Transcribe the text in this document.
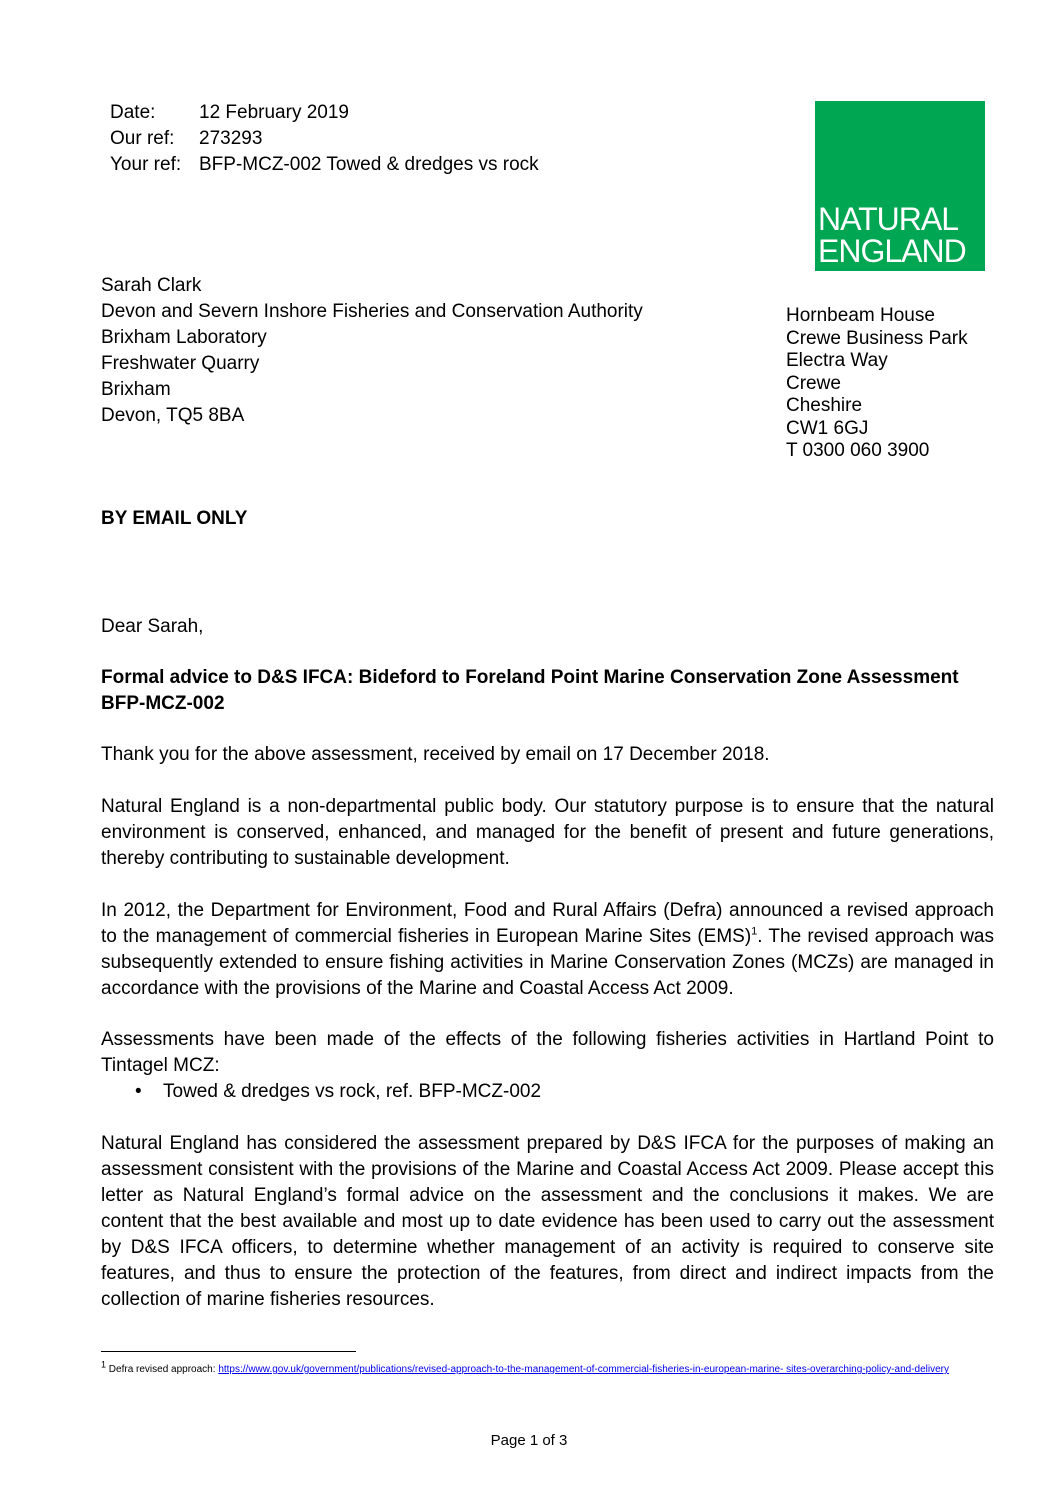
Date:	12 February 2019
Our ref:	273293
Your ref: BFP-MCZ-002 Towed & dredges vs rock
NATURAL
ENGLAND
Sarah Clark
Devon and Severn Inshore Fisheries and Conservation Authority
Brixham Laboratory
Freshwater Quarry
Brixham
Devon, TQ5 8BA
Hornbeam House
Crewe Business Park
Electra Way
Crewe
Cheshire
CW1 6GJ
T 0300 060 3900
BY EMAIL ONLY
Dear Sarah,
Formal advice to D&S IFCA: Bideford to Foreland Point Marine Conservation Zone Assessment BFP-MCZ-002
Thank you for the above assessment, received by email on 17 December 2018.
Natural England is a non-departmental public body. Our statutory purpose is to ensure that the natural environment is conserved, enhanced, and managed for the benefit of present and future generations, thereby contributing to sustainable development.
In 2012, the Department for Environment, Food and Rural Affairs (Defra) announced a revised approach to the management of commercial fisheries in European Marine Sites (EMS)$^1$. The revised approach was subsequently extended to ensure fishing activities in Marine Conservation Zones (MCZs) are managed in accordance with the provisions of the Marine and Coastal Access Act 2009.
Assessments have been made of the effects of the following fisheries activities in Hartland Point to Tintagel MCZ:
•	Towed & dredges vs rock, ref. BFP-MCZ-002
Natural England has considered the assessment prepared by D&S IFCA for the purposes of making an assessment consistent with the provisions of the Marine and Coastal Access Act 2009. Please accept this letter as Natural England’s formal advice on the assessment and the conclusions it makes. We are content that the best available and most up to date evidence has been used to carry out the assessment by D&S IFCA officers, to determine whether management of an activity is required to conserve site features, and thus to ensure the protection of the features, from direct and indirect impacts from the collection of marine fisheries resources.
$^1$ Defra revised approach: https://www.gov.uk/government/publications/revised-approach-to-the-management-of-commercial-fisheries-in-european-marine- sites-overarching-policy-and-delivery
Page 1 of 3
